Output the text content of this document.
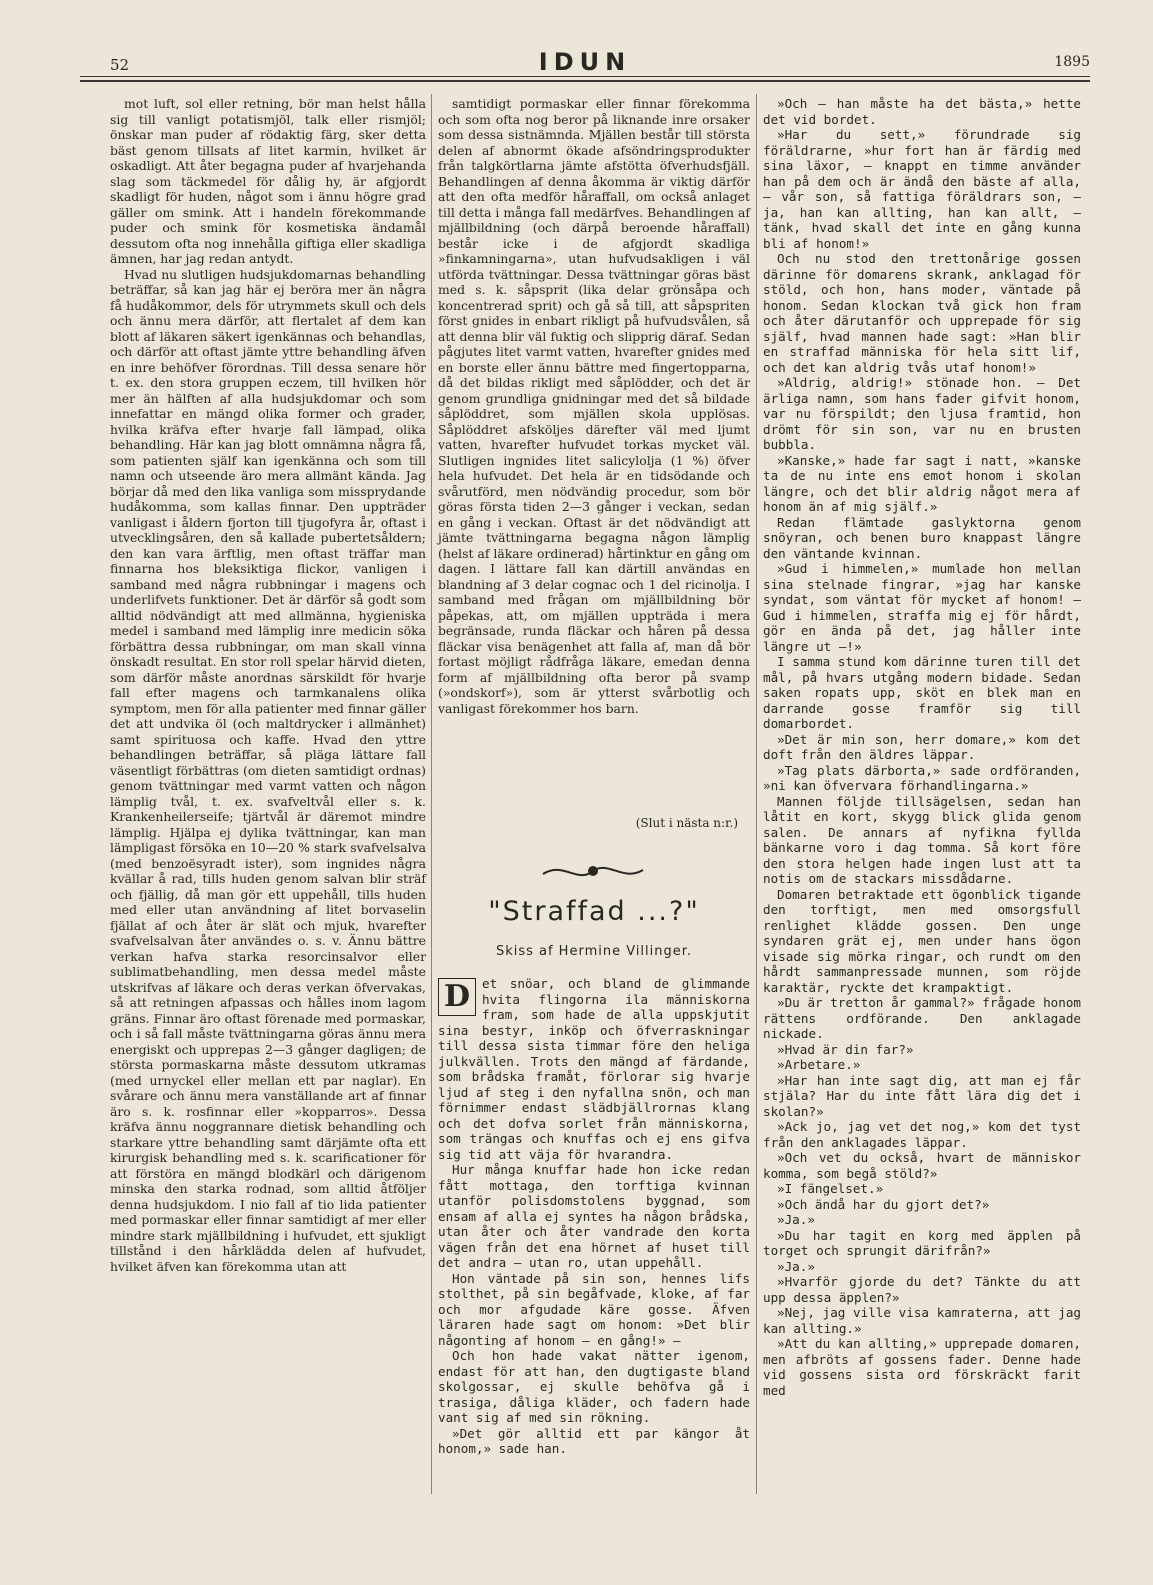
52	IDUN	1895

mot luft, sol eller retning, bör man helst hålla sig till vanligt potatismjöl, talk eller rismjöl; önskar man puder af rödaktig färg, sker detta bäst genom tillsats af litet karmin, hvilket är oskadligt. Att åter begagna puder af hvarjehanda slag som täckmedel för dålig hy, är afgjordt skadligt för huden, något som i ännu högre grad gäller om smink. Att i handeln förekommande puder och smink för kosmetiska ändamål dessutom ofta nog innehålla giftiga eller skadliga ämnen, har jag redan antydt.

Hvad nu slutligen hudsjukdomarnas behandling beträffar, så kan jag här ej beröra mer än några få hudåkommor, dels för utrymmets skull och dels och ännu mera därför, att flertalet af dem kan blott af läkaren säkert igenkännas och behandlas, och därför att oftast jämte yttre behandling äfven en inre behöfver förordnas. Till dessa senare hör t. ex. den stora gruppen eczem, till hvilken hör mer än hälften af alla hudsjukdomar och som innefattar en mängd olika former och grader, hvilka kräfva efter hvarje fall lämpad, olika behandling. Här kan jag blott omnämna några få, som patienten själf kan igenkänna och som till namn och utseende äro mera allmänt kända. Jag börjar då med den lika vanliga som missprydande hudåkomma, som kallas finnar. Den uppträder vanligast i åldern fjorton till tjugofyra år, oftast i utvecklingsåren, den så kallade pubertetsåldern; den kan vara ärftlig, men oftast träffar man finnarna hos bleksiktiga flickor, vanligen i samband med några rubbningar i magens och underlifvets funktioner. Det är därför så godt som alltid nödvändigt att med allmänna, hygieniska medel i samband med lämplig inre medicin söka förbättra dessa rubbningar, om man skall vinna önskadt resultat. En stor roll spelar härvid dieten, som därför måste anordnas särskildt för hvarje fall efter magens och tarmkanalens olika symptom, men för alla patienter med finnar gäller det att undvika öl (och maltdrycker i allmänhet) samt spirituosa och kaffe. Hvad den yttre behandlingen beträffar, så pläga lättare fall väsentligt förbättras (om dieten samtidigt ordnas) genom tvättningar med varmt vatten och någon lämplig tvål, t. ex. svafveltvål eller s. k. Krankenheilerseife; tjärtvål är däremot mindre lämplig. Hjälpa ej dylika tvättningar, kan man lämpligast försöka en 10—20 % stark svafvelsalva (med benzoësyradt ister), som ingnides några kvällar å rad, tills huden genom salvan blir sträf och fjällig, då man gör ett uppehåll, tills huden med eller utan användning af litet borvaselin fjällat af och åter är slät och mjuk, hvarefter svafvelsalvan åter användes o. s. v. Ännu bättre verkan hafva starka resorcinsalvor eller sublimatbehandling, men dessa medel måste utskrifvas af läkare och deras verkan öfvervakas, så att retningen afpassas och hålles inom lagom gräns. Finnar äro oftast förenade med pormaskar, och i så fall måste tvättningarna göras ännu mera energiskt och upprepas 2—3 gånger dagligen; de största pormaskarna måste dessutom utkramas (med urnyckel eller mellan ett par naglar). En svårare och ännu mera vanställande art af finnar äro s. k. rosfinnar eller »kopparros». Dessa kräfva ännu noggrannare dietisk behandling och starkare yttre behandling samt därjämte ofta ett kirurgisk behandling med s. k. scarificationer för att förstöra en mängd blodkärl och därigenom minska den starka rodnad, som alltid åtföljer denna hudsjukdom. I nio fall af tio lida patienter med pormaskar eller finnar samtidigt af mer eller mindre stark mjällbildning i hufvudet, ett sjukligt tillstånd i den hårklädda delen af hufvudet, hvilket äfven kan förekomma utan att

samtidigt pormaskar eller finnar förekomma och som ofta nog beror på liknande inre orsaker som dessa sistnämnda. Mjällen består till största delen af abnormt ökade afsöndringsprodukter från talgkörtlarna jämte afstötta öfverhudsfjäll. Behandlingen af denna åkomma är viktig därför att den ofta medför håraffall, om också anlaget till detta i många fall medärfves. Behandlingen af mjällbildning (och därpå beroende håraffall) består icke i de afgjordt skadliga »finkamningarna», utan hufvudsakligen i väl utförda tvättningar. Dessa tvättningar göras bäst med s. k. såpsprit (lika delar grönsåpa och koncentrerad sprit) och gå så till, att såpspriten först gnides in enbart rikligt på hufvudsvålen, så att denna blir väl fuktig och slipprig däraf. Sedan pågjutes litet varmt vatten, hvarefter gnides med en borste eller ännu bättre med fingertopparna, då det bildas rikligt med såplödder, och det är genom grundliga gnidningar med det så bildade såplöddret, som mjällen skola upplösas. Såplöddret afsköljes därefter väl med ljumt vatten, hvarefter hufvudet torkas mycket väl. Slutligen ingnides litet salicylolja (1 %) öfver hela hufvudet. Det hela är en tidsödande och svårutförd, men nödvändig procedur, som bör göras första tiden 2—3 gånger i veckan, sedan en gång i veckan. Oftast är det nödvändigt att jämte tvättningarna begagna någon lämplig (helst af läkare ordinerad) hårtinktur en gång om dagen. I lättare fall kan därtill användas en blandning af 3 delar cognac och 1 del ricinolja. I samband med frågan om mjällbildning bör påpekas, att, om mjällen uppträda i mera begränsade, runda fläckar och håren på dessa fläckar visa benägenhet att falla af, man då bör fortast möjligt rådfråga läkare, emedan denna form af mjällbildning ofta beror på svamp (»ondskorf»), som är ytterst svårbotlig och vanligast förekommer hos barn.

(Slut i nästa n:r.)
"Straffad ...?"
Skiss af Hermine Villinger.

D et snöar, och bland de glimmande hvita flingorna ila människorna fram, som hade de alla uppskjutit sina bestyr, inköp och öfverraskningar till dessa sista timmar före den heliga julkvällen. Trots den mängd af färdande, som brådska framåt, förlorar sig hvarje ljud af steg i den nyfallna snön, och man förnimmer endast slädbjällrornas klang och det dofva sorlet från människorna, som trängas och knuffas och ej ens gifva sig tid att väja för hvarandra.

Hur många knuffar hade hon icke redan fått mottaga, den torftiga kvinnan utanför polisdomstolens byggnad, som ensam af alla ej syntes ha någon brådska, utan åter och åter vandrade den korta vägen från det ena hörnet af huset till det andra — utan ro, utan uppehåll.

Hon väntade på sin son, hennes lifs stolthet, på sin begåfvade, kloke, af far och mor afgudade käre gosse. Äfven läraren hade sagt om honom: »Det blir någonting af honom — en gång!» —

Och hon hade vakat nätter igenom, endast för att han, den dugtigaste bland skolgossar, ej skulle behöfva gå i trasiga, dåliga kläder, och fadern hade vant sig af med sin rökning.

»Det gör alltid ett par kängor åt honom,» sade han.

»Och — han måste ha det bästa,» hette det vid bordet.

»Har du sett,» förundrade sig föräldrarne, »hur fort han är färdig med sina läxor, — knappt en timme använder han på dem och är ändå den bäste af alla, — vår son, så fattiga föräldrars son, — ja, han kan allting, han kan allt, — tänk, hvad skall det inte en gång kunna bli af honom!»

Och nu stod den trettonårige gossen därinne för domarens skrank, anklagad för stöld, och hon, hans moder, väntade på honom. Sedan klockan två gick hon fram och åter därutanför och upprepade för sig själf, hvad mannen hade sagt: »Han blir en straffad människa för hela sitt lif, och det kan aldrig tvås utaf honom!»

»Aldrig, aldrig!» stönade hon. — Det ärliga namn, som hans fader gifvit honom, var nu förspildt; den ljusa framtid, hon drömt för sin son, var nu en brusten bubbla.

»Kanske,» hade far sagt i natt, »kanske ta de nu inte ens emot honom i skolan längre, och det blir aldrig något mera af honom än af mig själf.»

Redan flämtade gaslyktorna genom snöyran, och benen buro knappast längre den väntande kvinnan.

»Gud i himmelen,» mumlade hon mellan sina stelnade fingrar, »jag har kanske syndat, som väntat för mycket af honom! — Gud i himmelen, straffa mig ej för hårdt, gör en ända på det, jag håller inte längre ut —!»

I samma stund kom därinne turen till det mål, på hvars utgång modern bidade. Sedan saken ropats upp, sköt en blek man en darrande gosse framför sig till domarbordet.

»Det är min son, herr domare,» kom det doft från den äldres läppar.

»Tag plats därborta,» sade ordföranden, »ni kan öfvervara förhandlingarna.»

Mannen följde tillsägelsen, sedan han låtit en kort, skygg blick glida genom salen. De annars af nyfikna fyllda bänkarne voro i dag tomma. Så kort före den stora helgen hade ingen lust att ta notis om de stackars missdådarne.

Domaren betraktade ett ögonblick tigande den torftigt, men med omsorgsfull renlighet klädde gossen. Den unge syndaren grät ej, men under hans ögon visade sig mörka ringar, och rundt om den hårdt sammanpressade munnen, som röjde karaktär, ryckte det krampaktigt.

»Du är tretton år gammal?» frågade honom rättens ordförande. Den anklagade nickade.

»Hvad är din far?»

»Arbetare.»

»Har han inte sagt dig, att man ej får stjäla? Har du inte fått lära dig det i skolan?»

»Ack jo, jag vet det nog,» kom det tyst från den anklagades läppar.

»Och vet du också, hvart de människor komma, som begå stöld?»

»I fängelset.»

»Och ändå har du gjort det?»

»Ja.»

»Du har tagit en korg med äpplen på torget och sprungit därifrån?»

»Ja.»

»Hvarför gjorde du det? Tänkte du att upp dessa äpplen?»

»Nej, jag ville visa kamraterna, att jag kan allting.»

»Att du kan allting,» upprepade domaren, men afbröts af gossens fader. Denne hade vid gossens sista ord förskräckt farit med
